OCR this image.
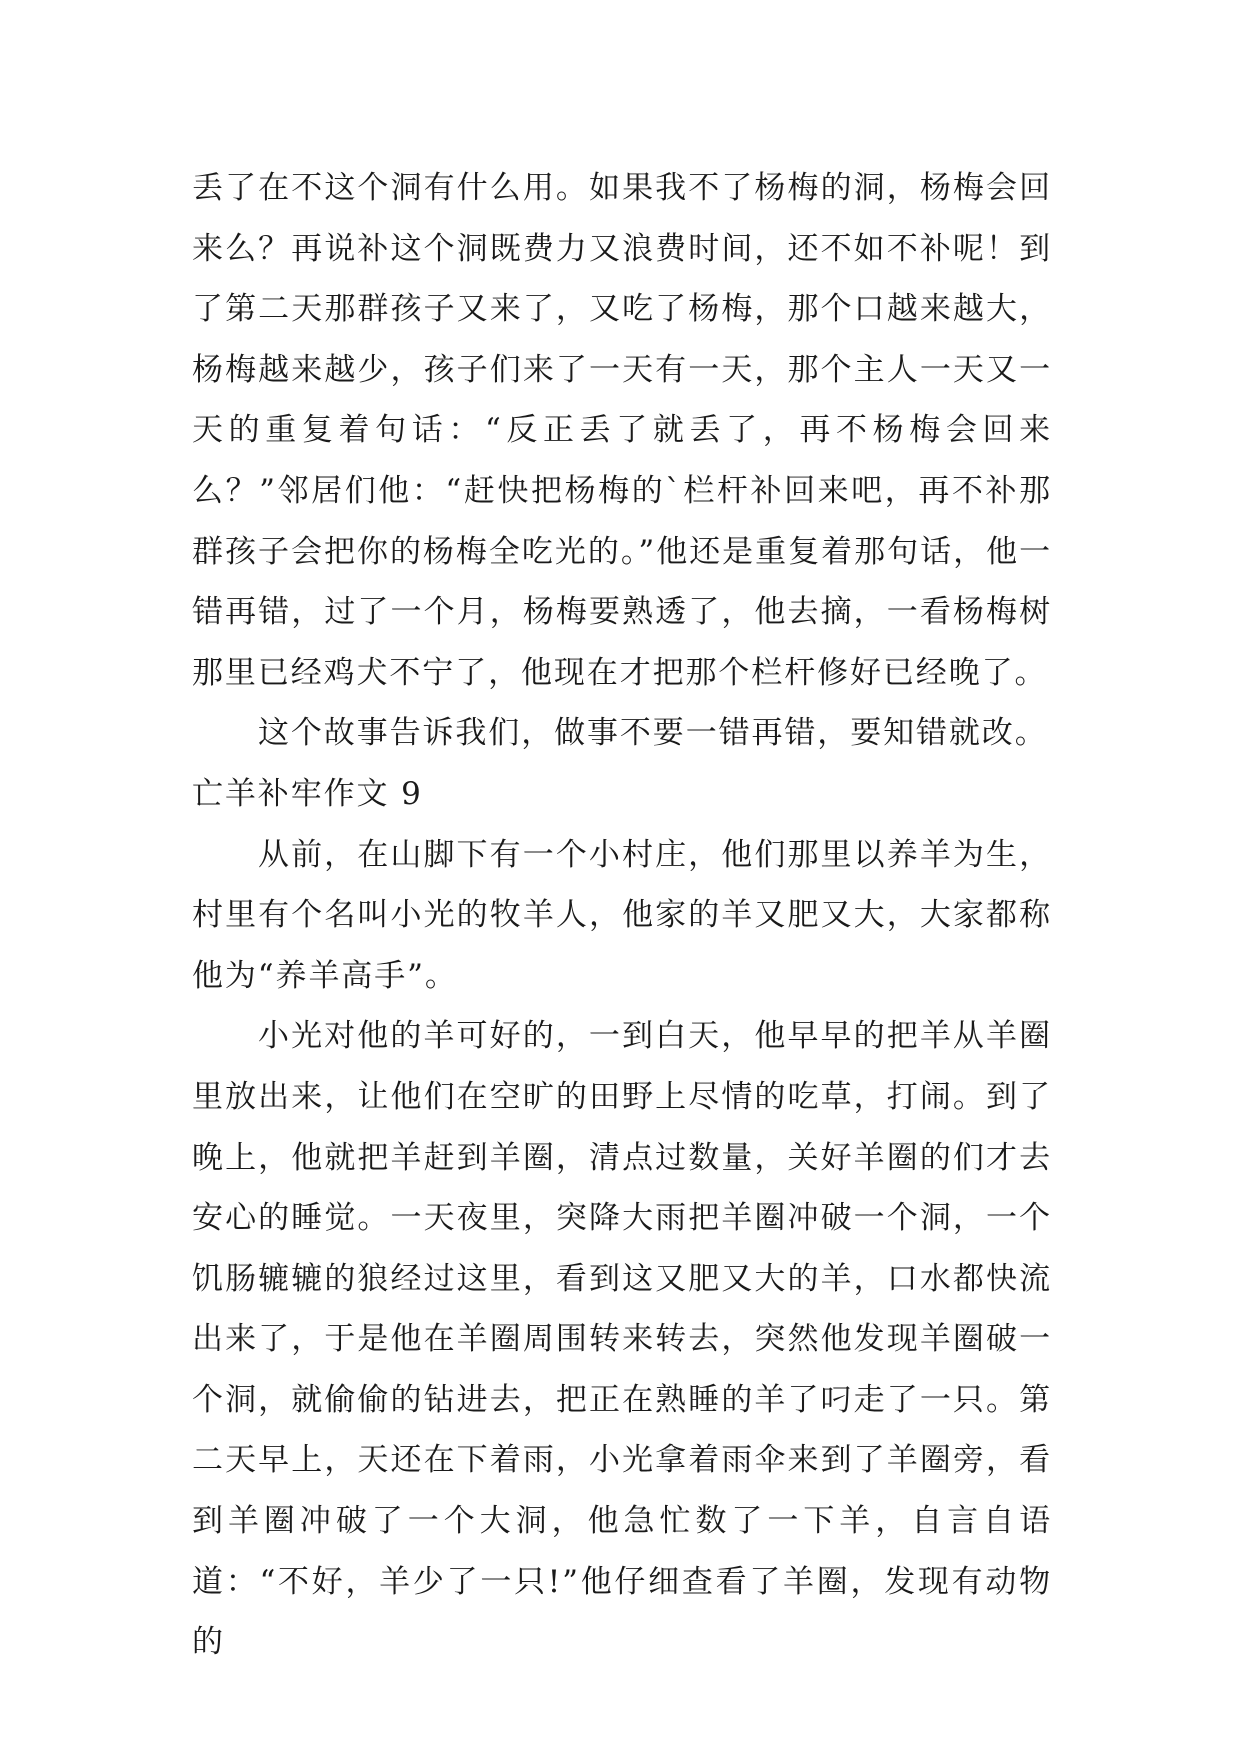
丢了在不这个洞有什么用。如果我不了杨梅的洞，杨梅会回来么？再说补这个洞既费力又浪费时间，还不如不补呢！到了第二天那群孩子又来了，又吃了杨梅，那个口越来越大，杨梅越来越少，孩子们来了一天有一天，那个主人一天又一天的重复着句话：“反正丢了就丢了，再不杨梅会回来么？”邻居们他：“赶快把杨梅的`栏杆补回来吧，再不补那群孩子会把你的杨梅全吃光的。”他还是重复着那句话，他一错再错，过了一个月，杨梅要熟透了，他去摘，一看杨梅树那里已经鸡犬不宁了，他现在才把那个栏杆修好已经晚了。

这个故事告诉我们，做事不要一错再错，要知错就改。

亡羊补牢作文 9

从前，在山脚下有一个小村庄，他们那里以养羊为生，村里有个名叫小光的牧羊人，他家的羊又肥又大，大家都称他为“养羊高手”。

小光对他的羊可好的，一到白天，他早早的把羊从羊圈里放出来，让他们在空旷的田野上尽情的吃草，打闹。到了晚上，他就把羊赶到羊圈，清点过数量，关好羊圈的们才去安心的睡觉。一天夜里，突降大雨把羊圈冲破一个洞，一个饥肠辘辘的狼经过这里，看到这又肥又大的羊，口水都快流出来了，于是他在羊圈周围转来转去，突然他发现羊圈破一个洞，就偷偷的钻进去，把正在熟睡的羊了叼走了一只。第二天早上，天还在下着雨，小光拿着雨伞来到了羊圈旁，看到羊圈冲破了一个大洞，他急忙数了一下羊，自言自语道：“不好，羊少了一只!”他仔细查看了羊圈，发现有动物的
